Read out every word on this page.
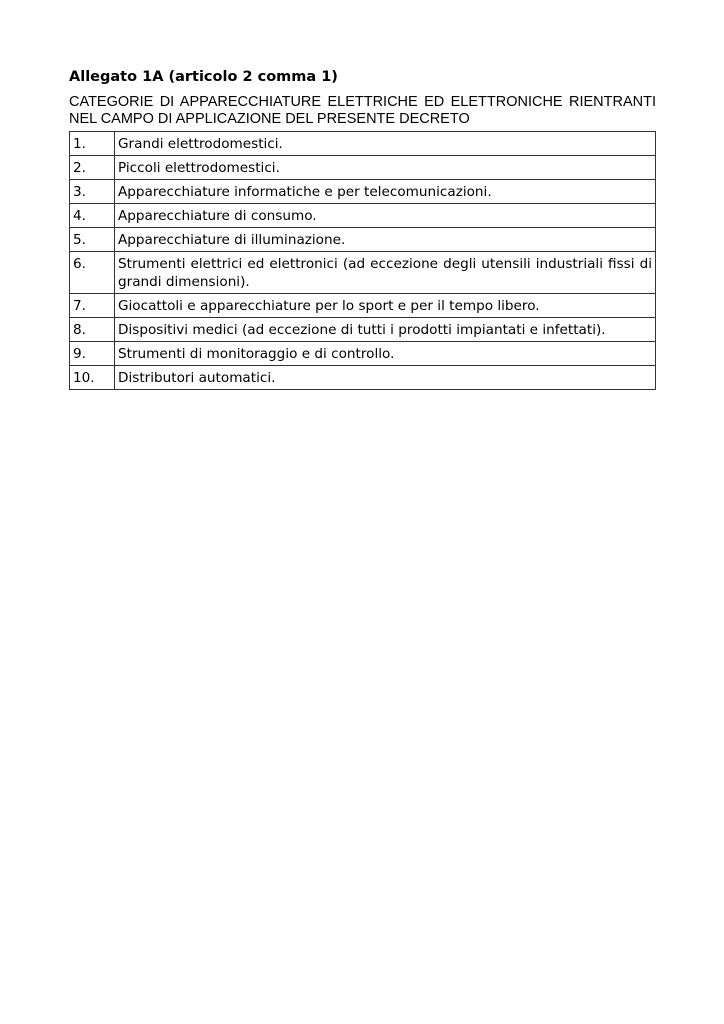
Allegato 1A (articolo 2 comma 1)
CATEGORIE DI APPARECCHIATURE ELETTRICHE ED ELETTRONICHE RIENTRANTI NEL CAMPO DI APPLICAZIONE DEL PRESENTE DECRETO
1.	Grandi elettrodomestici.
2.	Piccoli elettrodomestici.
3.	Apparecchiature informatiche e per telecomunicazioni.
4.	Apparecchiature di consumo.
5.	Apparecchiature di illuminazione.
6.	Strumenti elettrici ed elettronici (ad eccezione degli utensili industriali fissi di grandi dimensioni).
7.	Giocattoli e apparecchiature per lo sport e per il tempo libero.
8.	Dispositivi medici (ad eccezione di tutti i prodotti impiantati e infettati).
9.	Strumenti di monitoraggio e di controllo.
10.	Distributori automatici.
